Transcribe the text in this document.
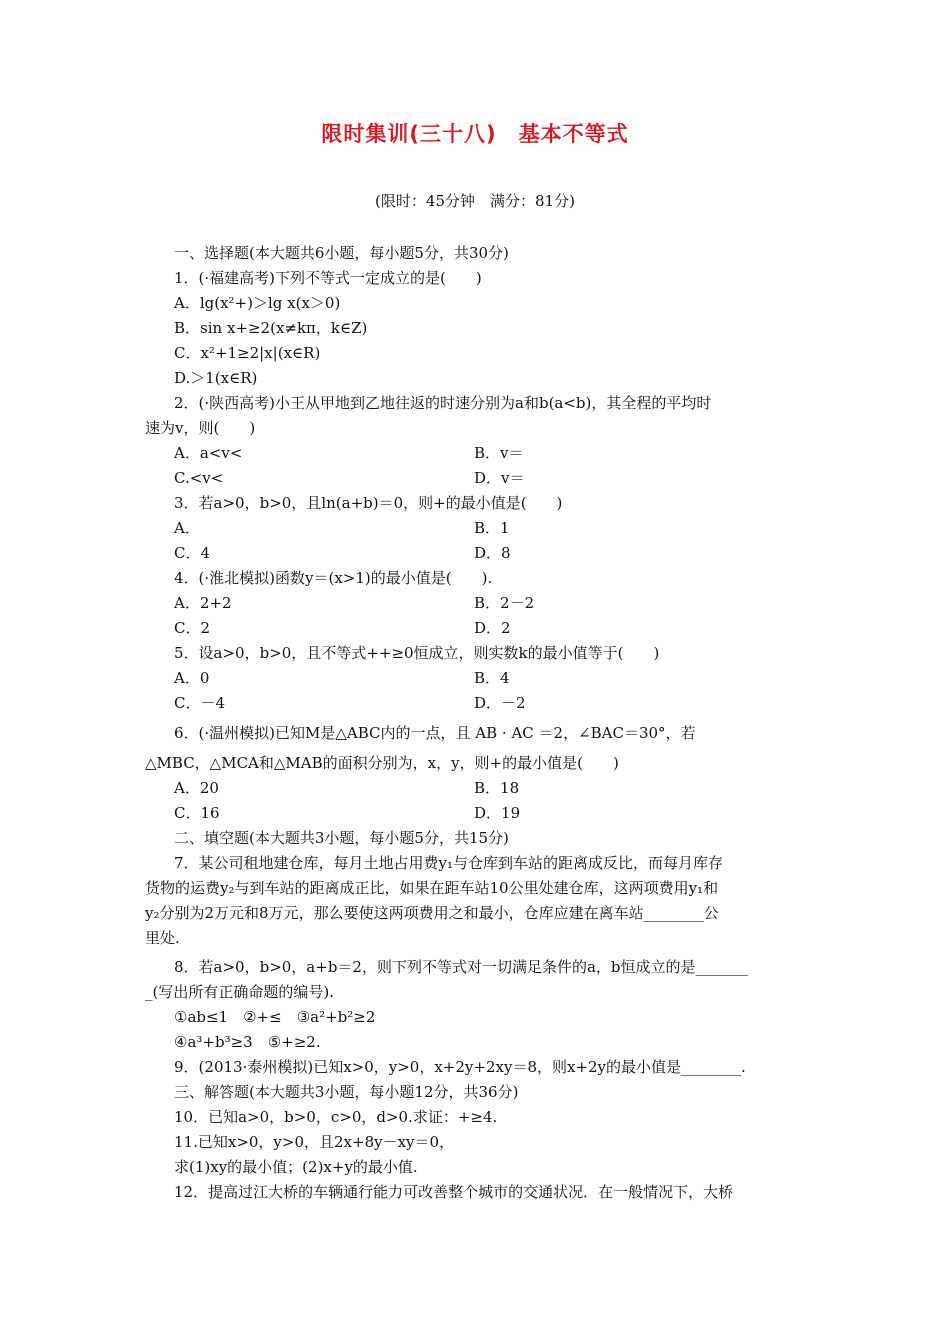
限时集训(三十八)　基本不等式
(限时：45分钟　满分：81分)
一、选择题(本大题共6小题，每小题5分，共30分)
1．(·福建高考)下列不等式一定成立的是(　　)
A．lg(x²+)＞lg x(x＞0)
B．sin x+≥2(x≠kπ，k∈Z)
C．x²+1≥2|x|(x∈R)
D.＞1(x∈R)
2．(·陕西高考)小王从甲地到乙地往返的时速分别为a和b(a<b)，其全程的平均时
速为v，则(　　)
3．若a>0，b>0，且ln(a+b)＝0，则+的最小值是(　　)
4．(·淮北模拟)函数y＝(x>1)的最小值是(　　).
5．设a>0，b>0，且不等式++≥0恒成立，则实数k的最小值等于(　　)
6．(·温州模拟)已知M是△ABC内的一点，且 AB · AC ＝2，∠BAC＝30°，若
△MBC，△MCA和△MAB的面积分别为，x，y，则+的最小值是(　　)
二、填空题(本大题共3小题，每小题5分，共15分)
7．某公司租地建仓库，每月土地占用费y₁与仓库到车站的距离成反比，而每月库存
货物的运费y₂与到车站的距离成正比，如果在距车站10公里处建仓库，这两项费用y₁和
y₂分别为2万元和8万元，那么要使这两项费用之和最小，仓库应建在离车站________公
里处.
8．若a>0，b>0，a+b＝2，则下列不等式对一切满足条件的a，b恒成立的是_______
_(写出所有正确命题的编号).
①ab≤1　②+≤　③a²+b²≥2
④a³+b³≥3　⑤+≥2.
9．(2013·泰州模拟)已知x>0，y>0，x+2y+2xy＝8，则x+2y的最小值是________.
三、解答题(本大题共3小题，每小题12分，共36分)
10．已知a>0，b>0，c>0，d>0.求证：+≥4.
11.已知x>0，y>0，且2x+8y－xy＝0，
求(1)xy的最小值；(2)x+y的最小值.
12．提高过江大桥的车辆通行能力可改善整个城市的交通状况．在一般情况下，大桥
A．a<v<	B．v＝
C.<v<	D．v＝
A．	B．1
C．4	D．8
A．2+2	B．2－2
C．2	D．2
A．0	B．4
C．－4	D．－2
A．20	B．18
C．16	D．19
